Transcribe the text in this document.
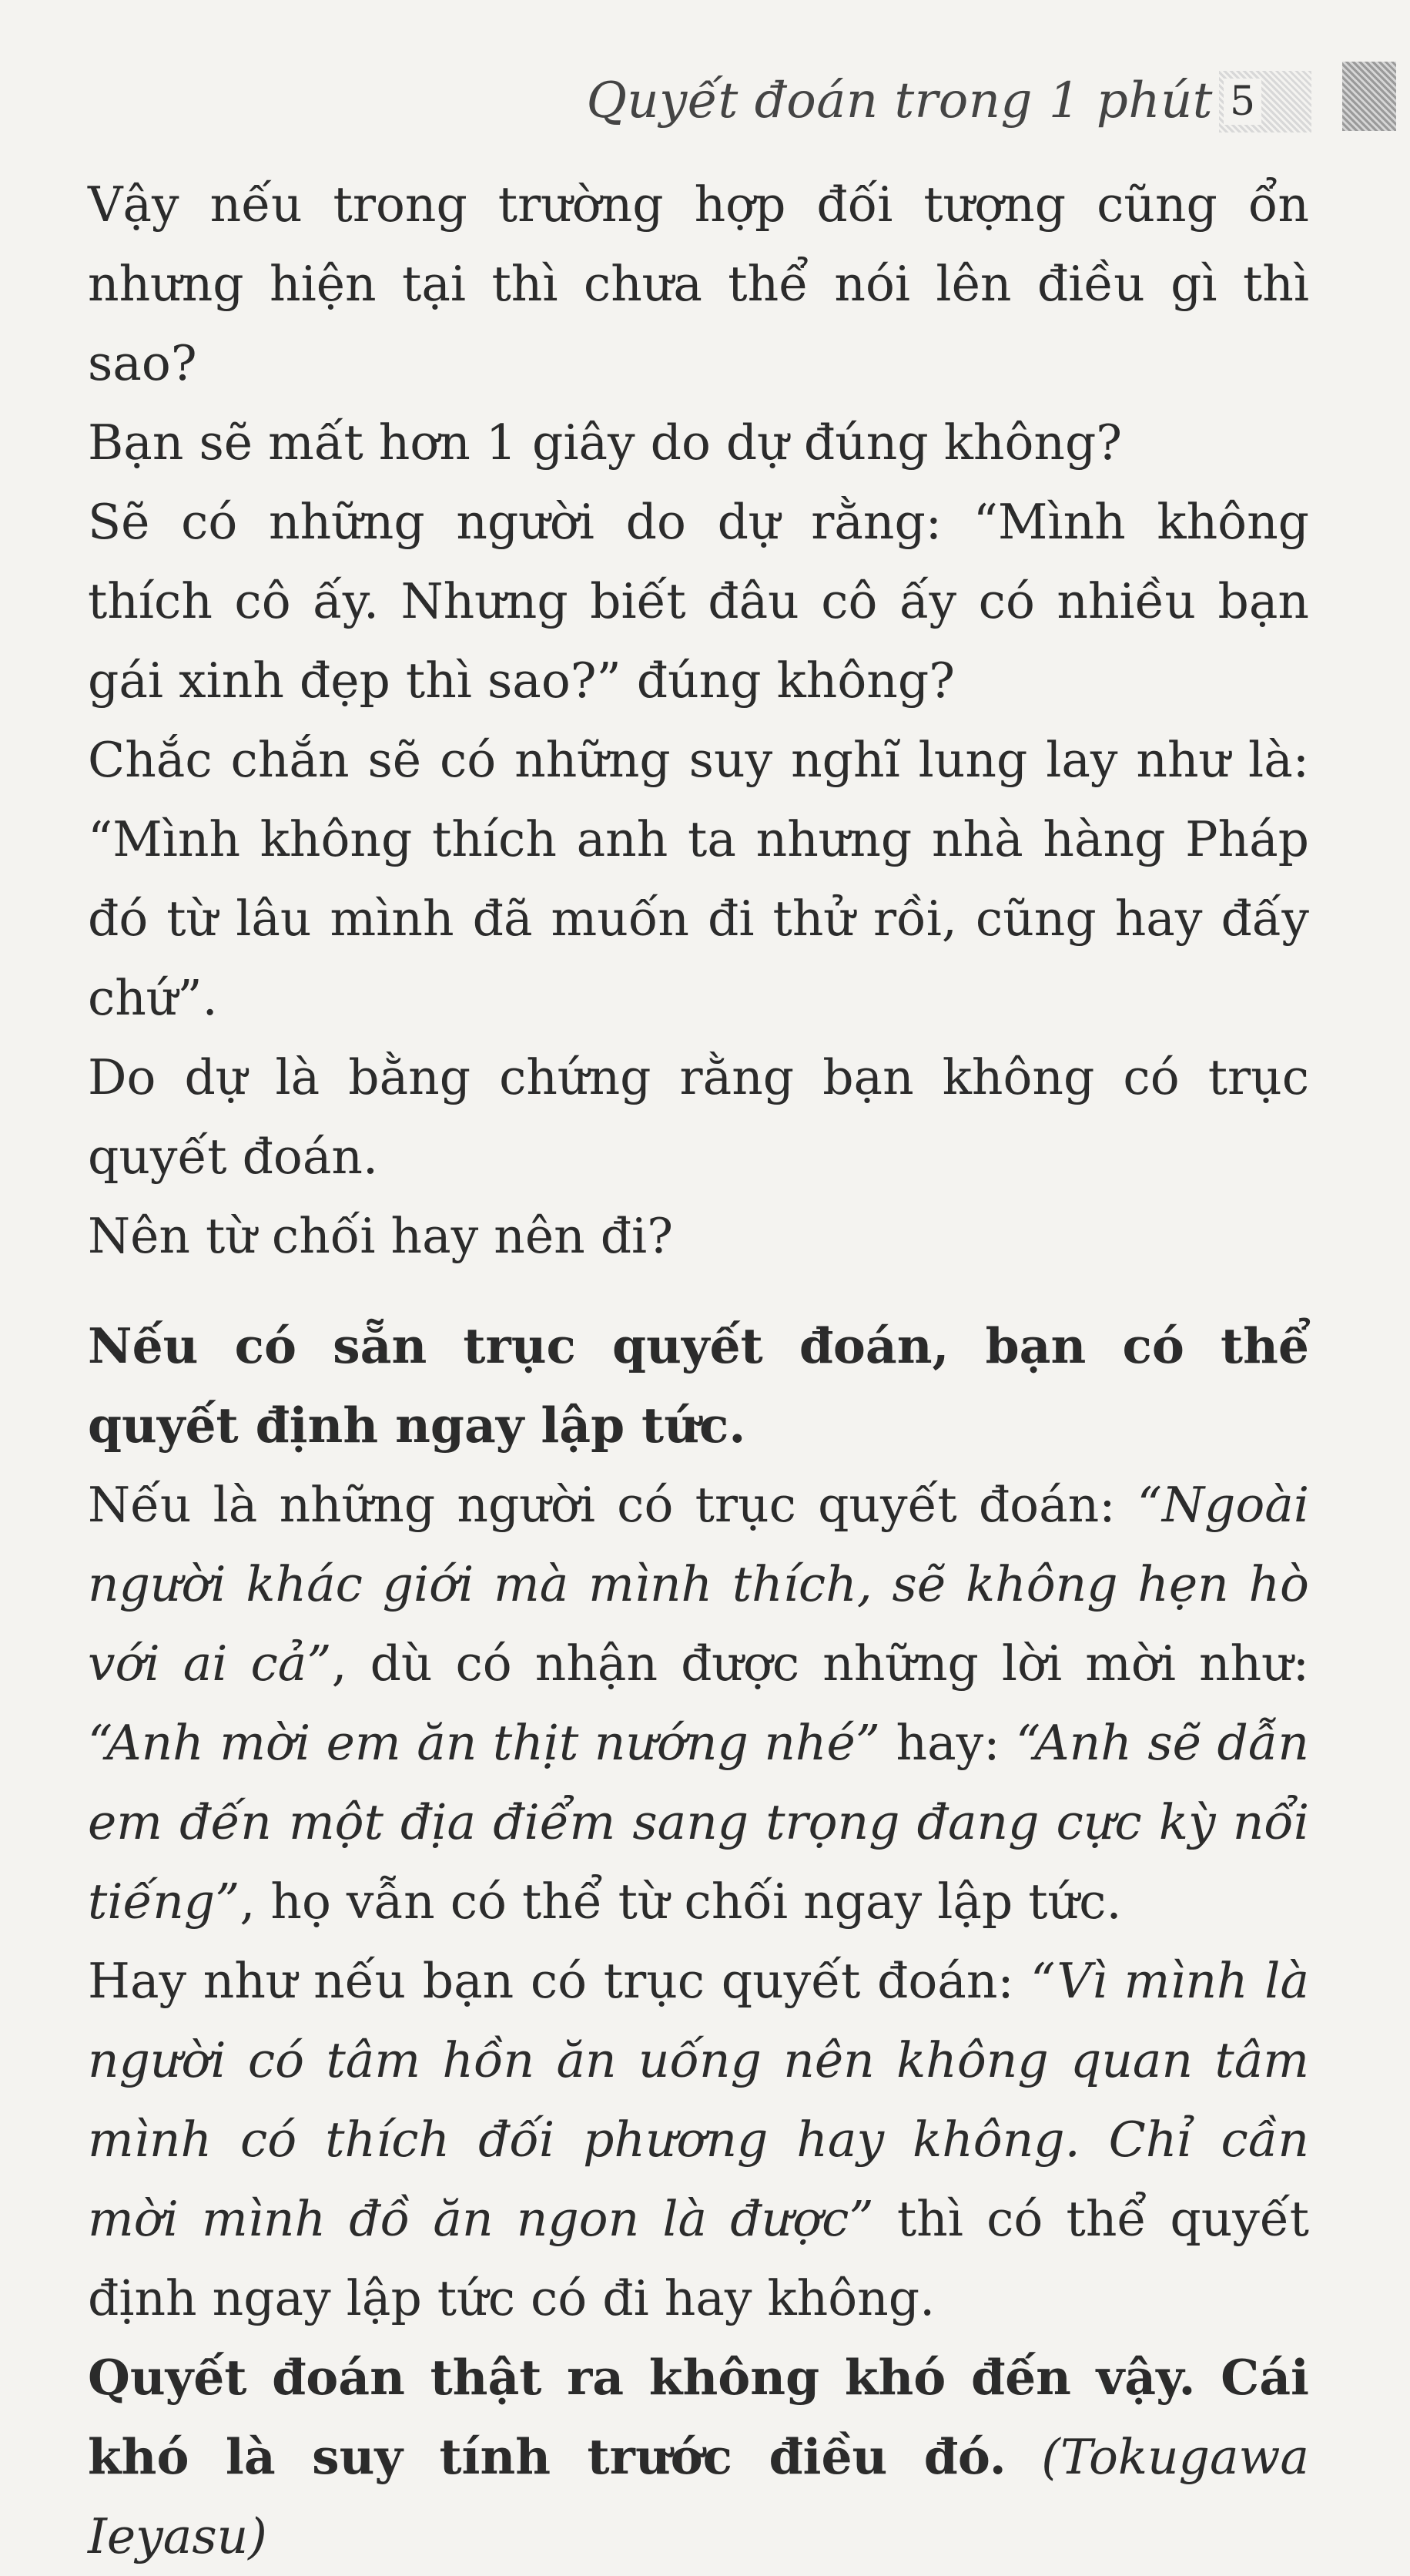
Quyết đoán trong 1 phút 5

Vậy nếu trong trường hợp đối tượng cũng ổn nhưng hiện tại thì chưa thể nói lên điều gì thì sao?

Bạn sẽ mất hơn 1 giây do dự đúng không?

Sẽ có những người do dự rằng: “Mình không thích cô ấy. Nhưng biết đâu cô ấy có nhiều bạn gái xinh đẹp thì sao?” đúng không?

Chắc chắn sẽ có những suy nghĩ lung lay như là: “Mình không thích anh ta nhưng nhà hàng Pháp đó từ lâu mình đã muốn đi thử rồi, cũng hay đấy chứ”.

Do dự là bằng chứng rằng bạn không có trục quyết đoán.

Nên từ chối hay nên đi?

Nếu có sẵn trục quyết đoán, bạn có thể quyết định ngay lập tức.

Nếu là những người có trục quyết đoán: “Ngoài người khác giới mà mình thích, sẽ không hẹn hò với ai cả”, dù có nhận được những lời mời như: “Anh mời em ăn thịt nướng nhé” hay: “Anh sẽ dẫn em đến một địa điểm sang trọng đang cực kỳ nổi tiếng”, họ vẫn có thể từ chối ngay lập tức.

Hay như nếu bạn có trục quyết đoán: “Vì mình là người có tâm hồn ăn uống nên không quan tâm mình có thích đối phương hay không. Chỉ cần mời mình đồ ăn ngon là được” thì có thể quyết định ngay lập tức có đi hay không.

Quyết đoán thật ra không khó đến vậy. Cái khó là suy tính trước điều đó. (Tokugawa Ieyasu)
